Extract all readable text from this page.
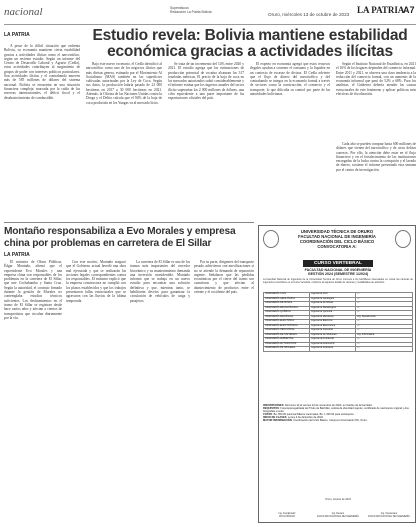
nacional	Superdiscos
Redacción La Patria Bolivia	Oruro, miércoles 13 de octubre de 2023 LA PATRIA
A7
LA PATRIA	Estudio revela: Bolivia mantiene estabilidad económica gracias a actividades ilícitas

A pesar de la difícil situación que enfrenta Bolivia, su economía mantiene cierta estabilidad gracias a actividades ilícitas como el narcotráfico, según un reciente estudio. Según un informe del Centro de Desarrollo Laboral y Agrario (Cedla), estas actividades contribuyen al surgimiento de grupos de poder con intereses políticos particulares. Son actividades ilícitas y el contrabando mueven más de 585 millones de dólares del sistema nacional. Bolivia se encuentra en una situación financiera compleja, marcada por la caída de las reservas internacionales, el déficit fiscal y el desabastecimiento de combustible.

Bajo este nuevo escenario, el Cedla identificó al narcotráfico como uno de los negocios ilícitos que más divisas genera, estimado por el Movimiento Al Socialismo (MAS) también en las superficies cultivadas autorizadas por la Ley de Coca. Según sus datos, la producción habría pasado de 22 000 hectáreas en 2017 a 30 000 hectáreas en 2021. Además, la Oficina de las Naciones Unidas contra la Droga y el Delito calcula que el 94% de la hoja de coca producida en los Yungas va al mercado lícito.

Se trata de un incremento del 14% entre 2020 y 2021. El estudio agrega que las estimaciones de producción potencial de cocaína alcanzan los 317 toneladas métricas. El precio de la hoja de coca en los mercados autorizados subió considerablemente y el informe estima que los ingresos anuales del sector ilícito superarían los 2 000 millones de dólares, una cifra equivalente a una parte importante de las exportaciones oficiales del país.

El experto en economía agregó que estos recursos ilegales ayudan a sostener el consumo y la liquidez en un contexto de escasez de divisas. El Cedla advierte que el flujo de dinero del narcotráfico y del contrabando se integra en la economía formal a través de sectores como la construcción, el comercio y el transporte, lo que dificulta su control por parte de las autoridades bolivianas.

Según el Instituto Nacional de Estadística, en 2021 el 16% de los hogares dependen del comercio informal. Entre 2011 y 2021, se observa una clara tendencia a la reducción del comercio formal, con un aumento de la economía informal que pasó de 52% a 68%. Para los analistas, el Gobierno debería atender las causas estructurales de este fenómeno y aplicar políticas más efectivas de fiscalización.

Cada año se pueden comprar hasta 600 millones de dólares que vienen del narcotráfico y de otros delitos conexos. Por ello, la atención debe estar en el flujo financiero y en el fortalecimiento de las instituciones encargadas de la lucha contra la corrupción y el lavado de dinero, sostiene el informe presentado esta semana por el centro de investigación.

Montaño responsabiliza a Evo Morales y empresa china por problemas en carretera de El Sillar
LA PATRIA

El ministro de Obras Públicas, Édgar Montaño, afirmó que el expresidente Evo Morales y una empresa china son responsables de los problemas en la carretera de El Sillar, que une Cochabamba y Santa Cruz. Según la autoridad, el contrato firmado durante la gestión de Morales no contemplaba estudios técnicos suficientes. Los deslizamientos en el tramo de El Sillar se registran desde hace varios años y afectan a cientos de transportistas que circulan diariamente por la vía.

Con este motivo, Montaño aseguró que el Gobierno actual heredó una obra mal ejecutada y que se realizarán las acciones legales correspondientes contra los responsables. El ministro explicó que la empresa constructora no cumplió con los plazos establecidos y que los trabajos presentaron fallas estructurales que se agravaron con las lluvias de la última temporada.

La carretera de El Sillar es uno de los tramos más importantes del corredor bioceánico y su mantenimiento demanda una inversión considerable. Montaño informó que se trabaja en un nuevo estudio para encontrar una solución definitiva y que, mientras tanto, se habilitarán desvíos para garantizar la circulación de vehículos de carga y pasajeros.

Por su parte, dirigentes del transporte pesado advirtieron con movilizaciones si no se atiende la demanda de reparación urgente. Señalaron que las pérdidas económicas por el cierre del tramo son cuantiosas y que afectan al abastecimiento de productos entre el oriente y el occidente del país.

UNIVERSIDAD TÉCNICA DE ORURO
FACULTAD NACIONAL DE INGENIERÍA
COORDINACIÓN DEL CICLO BÁSICO
CONVOCATORIA A:
CURSO VERTEBRAL
FACULTAD NACIONAL DE INGENIERÍA
GESTIÓN 2024 (SEMESTRE 1/2024)
La Facultad Nacional de Ingeniería de la Universidad Técnica de Oruro convoca a los bachilleres interesados en cursar las carreras de ingeniería a inscribirse en el Curso Vertebral, conforme al siguiente detalle de carreras y modalidades de admisión.
INGENIERÍA CIVIL	Ingeniería Civil	—
INGENIERÍA GEOLÓGICA	Ingeniería Geológica	—
INGENIERÍA DE MINAS	Ingeniería de Minas	—
INGENIERÍA METALÚRGICA	Ingeniería Metalúrgica	—
INGENIERÍA QUÍMICA	Ingeniería Química	—
INGENIERÍA MECÁNICA	Ingeniería Mecánica	Ing. Mecatrónica
INGENIERÍA ELÉCTRICA	Ingeniería Eléctrica	—
INGENIERÍA ELECTRÓNICA	Ingeniería Electrónica	—
INGENIERÍA INDUSTRIAL	Ingeniería Industrial	—
INGENIERÍA DE SISTEMAS	Ingeniería de Sistemas	Ing. Informática
INGENIERÍA AMBIENTAL	Ingeniería Ambiental	—
INGENIERÍA AUTOMOTRIZ	Ingeniería Automotriz	—
INGENIERÍA PETROLERA	Ingeniería Petrolera	—
INSCRIPCIONES: Del lunes 13 al viernes 24 de noviembre de 2023, en Kardex de la Facultad.
REQUISITOS: Fotocopia legalizada del Título de Bachiller, cédula de identidad vigente, certificado de nacimiento original y dos fotografías a color.
COSTO: Bs. 650.00 para bachilleres nacionales; Bs. 1 300.00 para extranjeros.
INICIO DE CLASES: Lunes 4 de diciembre de 2023.
MAYOR INFORMACIÓN: Coordinación del Ciclo Básico, Campus Universitario FNI, Oruro.
Oruro, octubre de 2023
Ing. Coordinador
CICLO BÁSICO
Ing. Decano
FACULTAD NACIONAL DE INGENIERÍA
Ing. Vicedecano
FACULTAD NACIONAL DE INGENIERÍA
